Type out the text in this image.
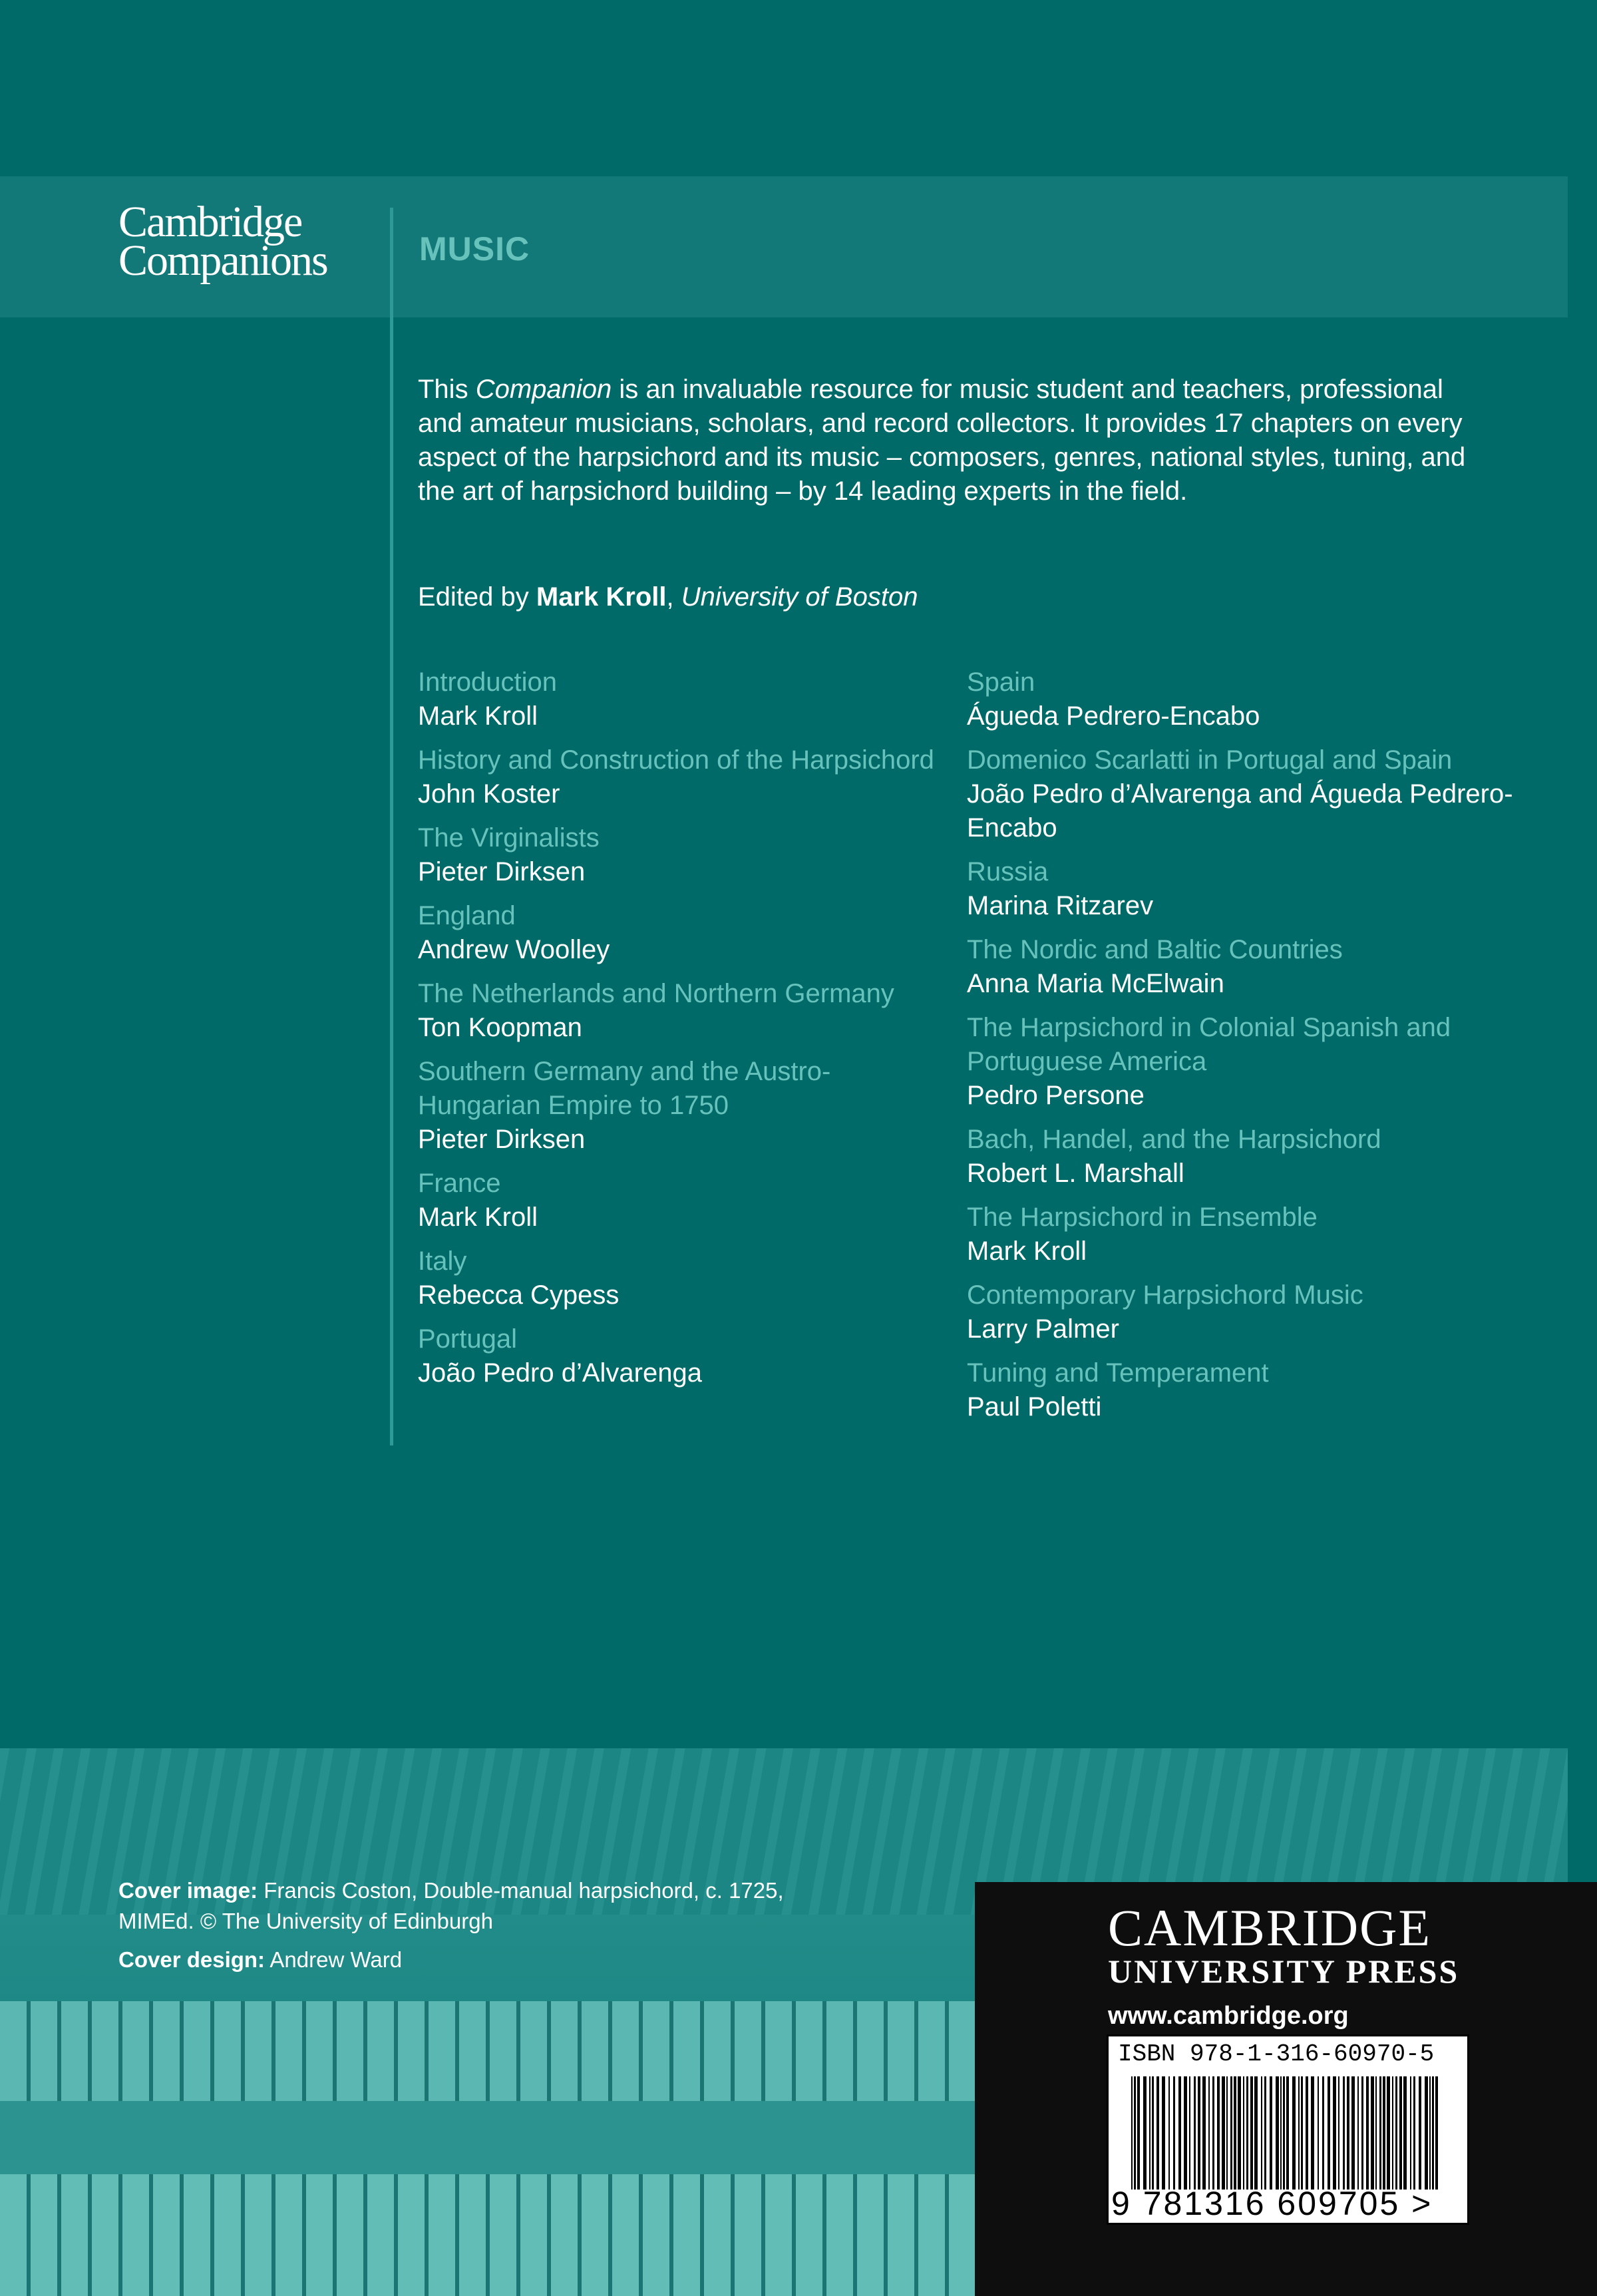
Cambridge
Companions	MUSIC
This Companion is an invaluable resource for music student and teachers, professional and amateur musicians, scholars, and record collectors. It provides 17 chapters on every aspect of the harpsichord and its music – composers, genres, national styles, tuning, and the art of harpsichord building – by 14 leading experts in the field.
Edited by Mark Kroll, University of Boston
Introduction
Mark Kroll
History and Construction of the Harpsichord
John Koster
The Virginalists
Pieter Dirksen
England
Andrew Woolley
The Netherlands and Northern Germany
Ton Koopman
Southern Germany and the Austro-Hungarian Empire to 1750
Pieter Dirksen
France
Mark Kroll
Italy
Rebecca Cypess
Portugal
João Pedro d’Alvarenga
Spain
Águeda Pedrero-Encabo
Domenico Scarlatti in Portugal and Spain
João Pedro d’Alvarenga and Águeda Pedrero-Encabo
Russia
Marina Ritzarev
The Nordic and Baltic Countries
Anna Maria McElwain
The Harpsichord in Colonial Spanish and Portuguese America
Pedro Persone
Bach, Handel, and the Harpsichord
Robert L. Marshall
The Harpsichord in Ensemble
Mark Kroll
Contemporary Harpsichord Music
Larry Palmer
Tuning and Temperament
Paul Poletti
Cover image: Francis Coston, Double-manual harpsichord, c. 1725, MIMEd. © The University of Edinburgh
Cover design: Andrew Ward
CAMBRIDGE
UNIVERSITY PRESS
www.cambridge.org
ISBN 978-1-316-60970-5
9 781316 609705 >
